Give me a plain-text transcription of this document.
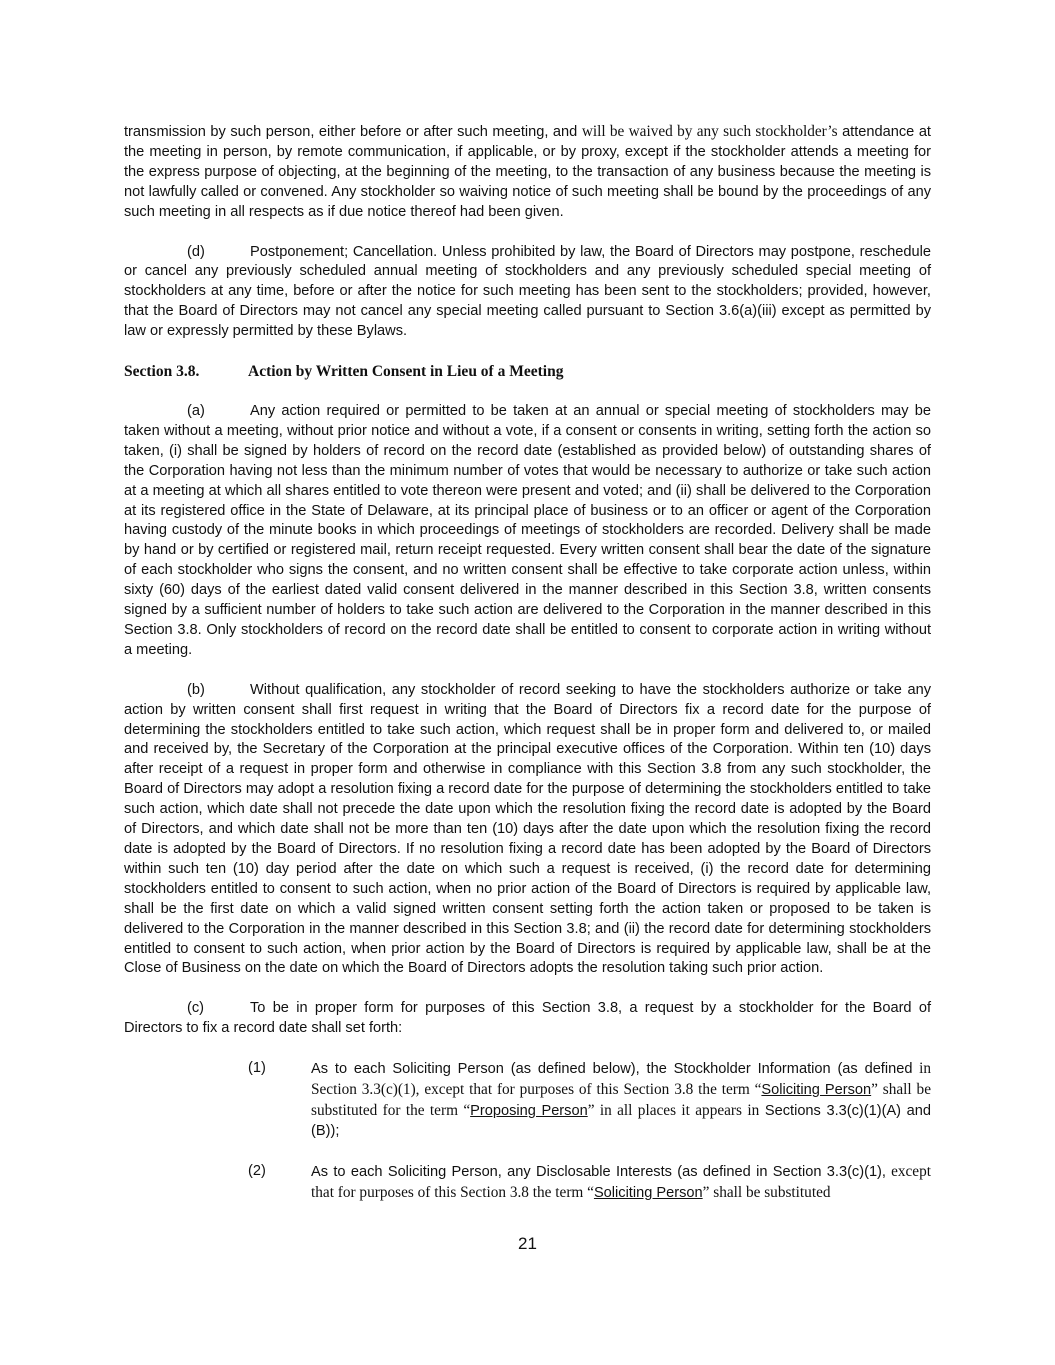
transmission by such person, either before or after such meeting, and will be waived by any such stockholder’s attendance at the meeting in person, by remote communication, if applicable, or by proxy, except if the stockholder attends a meeting for the express purpose of objecting, at the beginning of the meeting, to the transaction of any business because the meeting is not lawfully called or convened. Any stockholder so waiving notice of such meeting shall be bound by the proceedings of any such meeting in all respects as if due notice thereof had been given.

(d)	Postponement; Cancellation. Unless prohibited by law, the Board of Directors may postpone, reschedule or cancel any previously scheduled annual meeting of stockholders and any previously scheduled special meeting of stockholders at any time, before or after the notice for such meeting has been sent to the stockholders; provided, however, that the Board of Directors may not cancel any special meeting called pursuant to Section 3.6(a)(iii) except as permitted by law or expressly permitted by these Bylaws.

Section 3.8.	Action by Written Consent in Lieu of a Meeting

(a)	Any action required or permitted to be taken at an annual or special meeting of stockholders may be taken without a meeting, without prior notice and without a vote, if a consent or consents in writing, setting forth the action so taken, (i) shall be signed by holders of record on the record date (established as provided below) of outstanding shares of the Corporation having not less than the minimum number of votes that would be necessary to authorize or take such action at a meeting at which all shares entitled to vote thereon were present and voted; and (ii) shall be delivered to the Corporation at its registered office in the State of Delaware, at its principal place of business or to an officer or agent of the Corporation having custody of the minute books in which proceedings of meetings of stockholders are recorded. Delivery shall be made by hand or by certified or registered mail, return receipt requested. Every written consent shall bear the date of the signature of each stockholder who signs the consent, and no written consent shall be effective to take corporate action unless, within sixty (60) days of the earliest dated valid consent delivered in the manner described in this Section 3.8, written consents signed by a sufficient number of holders to take such action are delivered to the Corporation in the manner described in this Section 3.8. Only stockholders of record on the record date shall be entitled to consent to corporate action in writing without a meeting.

(b)	Without qualification, any stockholder of record seeking to have the stockholders authorize or take any action by written consent shall first request in writing that the Board of Directors fix a record date for the purpose of determining the stockholders entitled to take such action, which request shall be in proper form and delivered to, or mailed and received by, the Secretary of the Corporation at the principal executive offices of the Corporation. Within ten (10) days after receipt of a request in proper form and otherwise in compliance with this Section 3.8 from any such stockholder, the Board of Directors may adopt a resolution fixing a record date for the purpose of determining the stockholders entitled to take such action, which date shall not precede the date upon which the resolution fixing the record date is adopted by the Board of Directors, and which date shall not be more than ten (10) days after the date upon which the resolution fixing the record date is adopted by the Board of Directors. If no resolution fixing a record date has been adopted by the Board of Directors within such ten (10) day period after the date on which such a request is received, (i) the record date for determining stockholders entitled to consent to such action, when no prior action of the Board of Directors is required by applicable law, shall be the first date on which a valid signed written consent setting forth the action taken or proposed to be taken is delivered to the Corporation in the manner described in this Section 3.8; and (ii) the record date for determining stockholders entitled to consent to such action, when prior action by the Board of Directors is required by applicable law, shall be at the Close of Business on the date on which the Board of Directors adopts the resolution taking such prior action.

(c)	To be in proper form for purposes of this Section 3.8, a request by a stockholder for the Board of Directors to fix a record date shall set forth:

(1)	As to each Soliciting Person (as defined below), the Stockholder Information (as defined in Section 3.3(c)(1), except that for purposes of this Section 3.8 the term “Soliciting Person” shall be substituted for the term “Proposing Person” in all places it appears in Sections 3.3(c)(1)(A) and (B));
(2)	As to each Soliciting Person, any Disclosable Interests (as defined in Section 3.3(c)(1), except that for purposes of this Section 3.8 the term “Soliciting Person” shall be substituted
21
